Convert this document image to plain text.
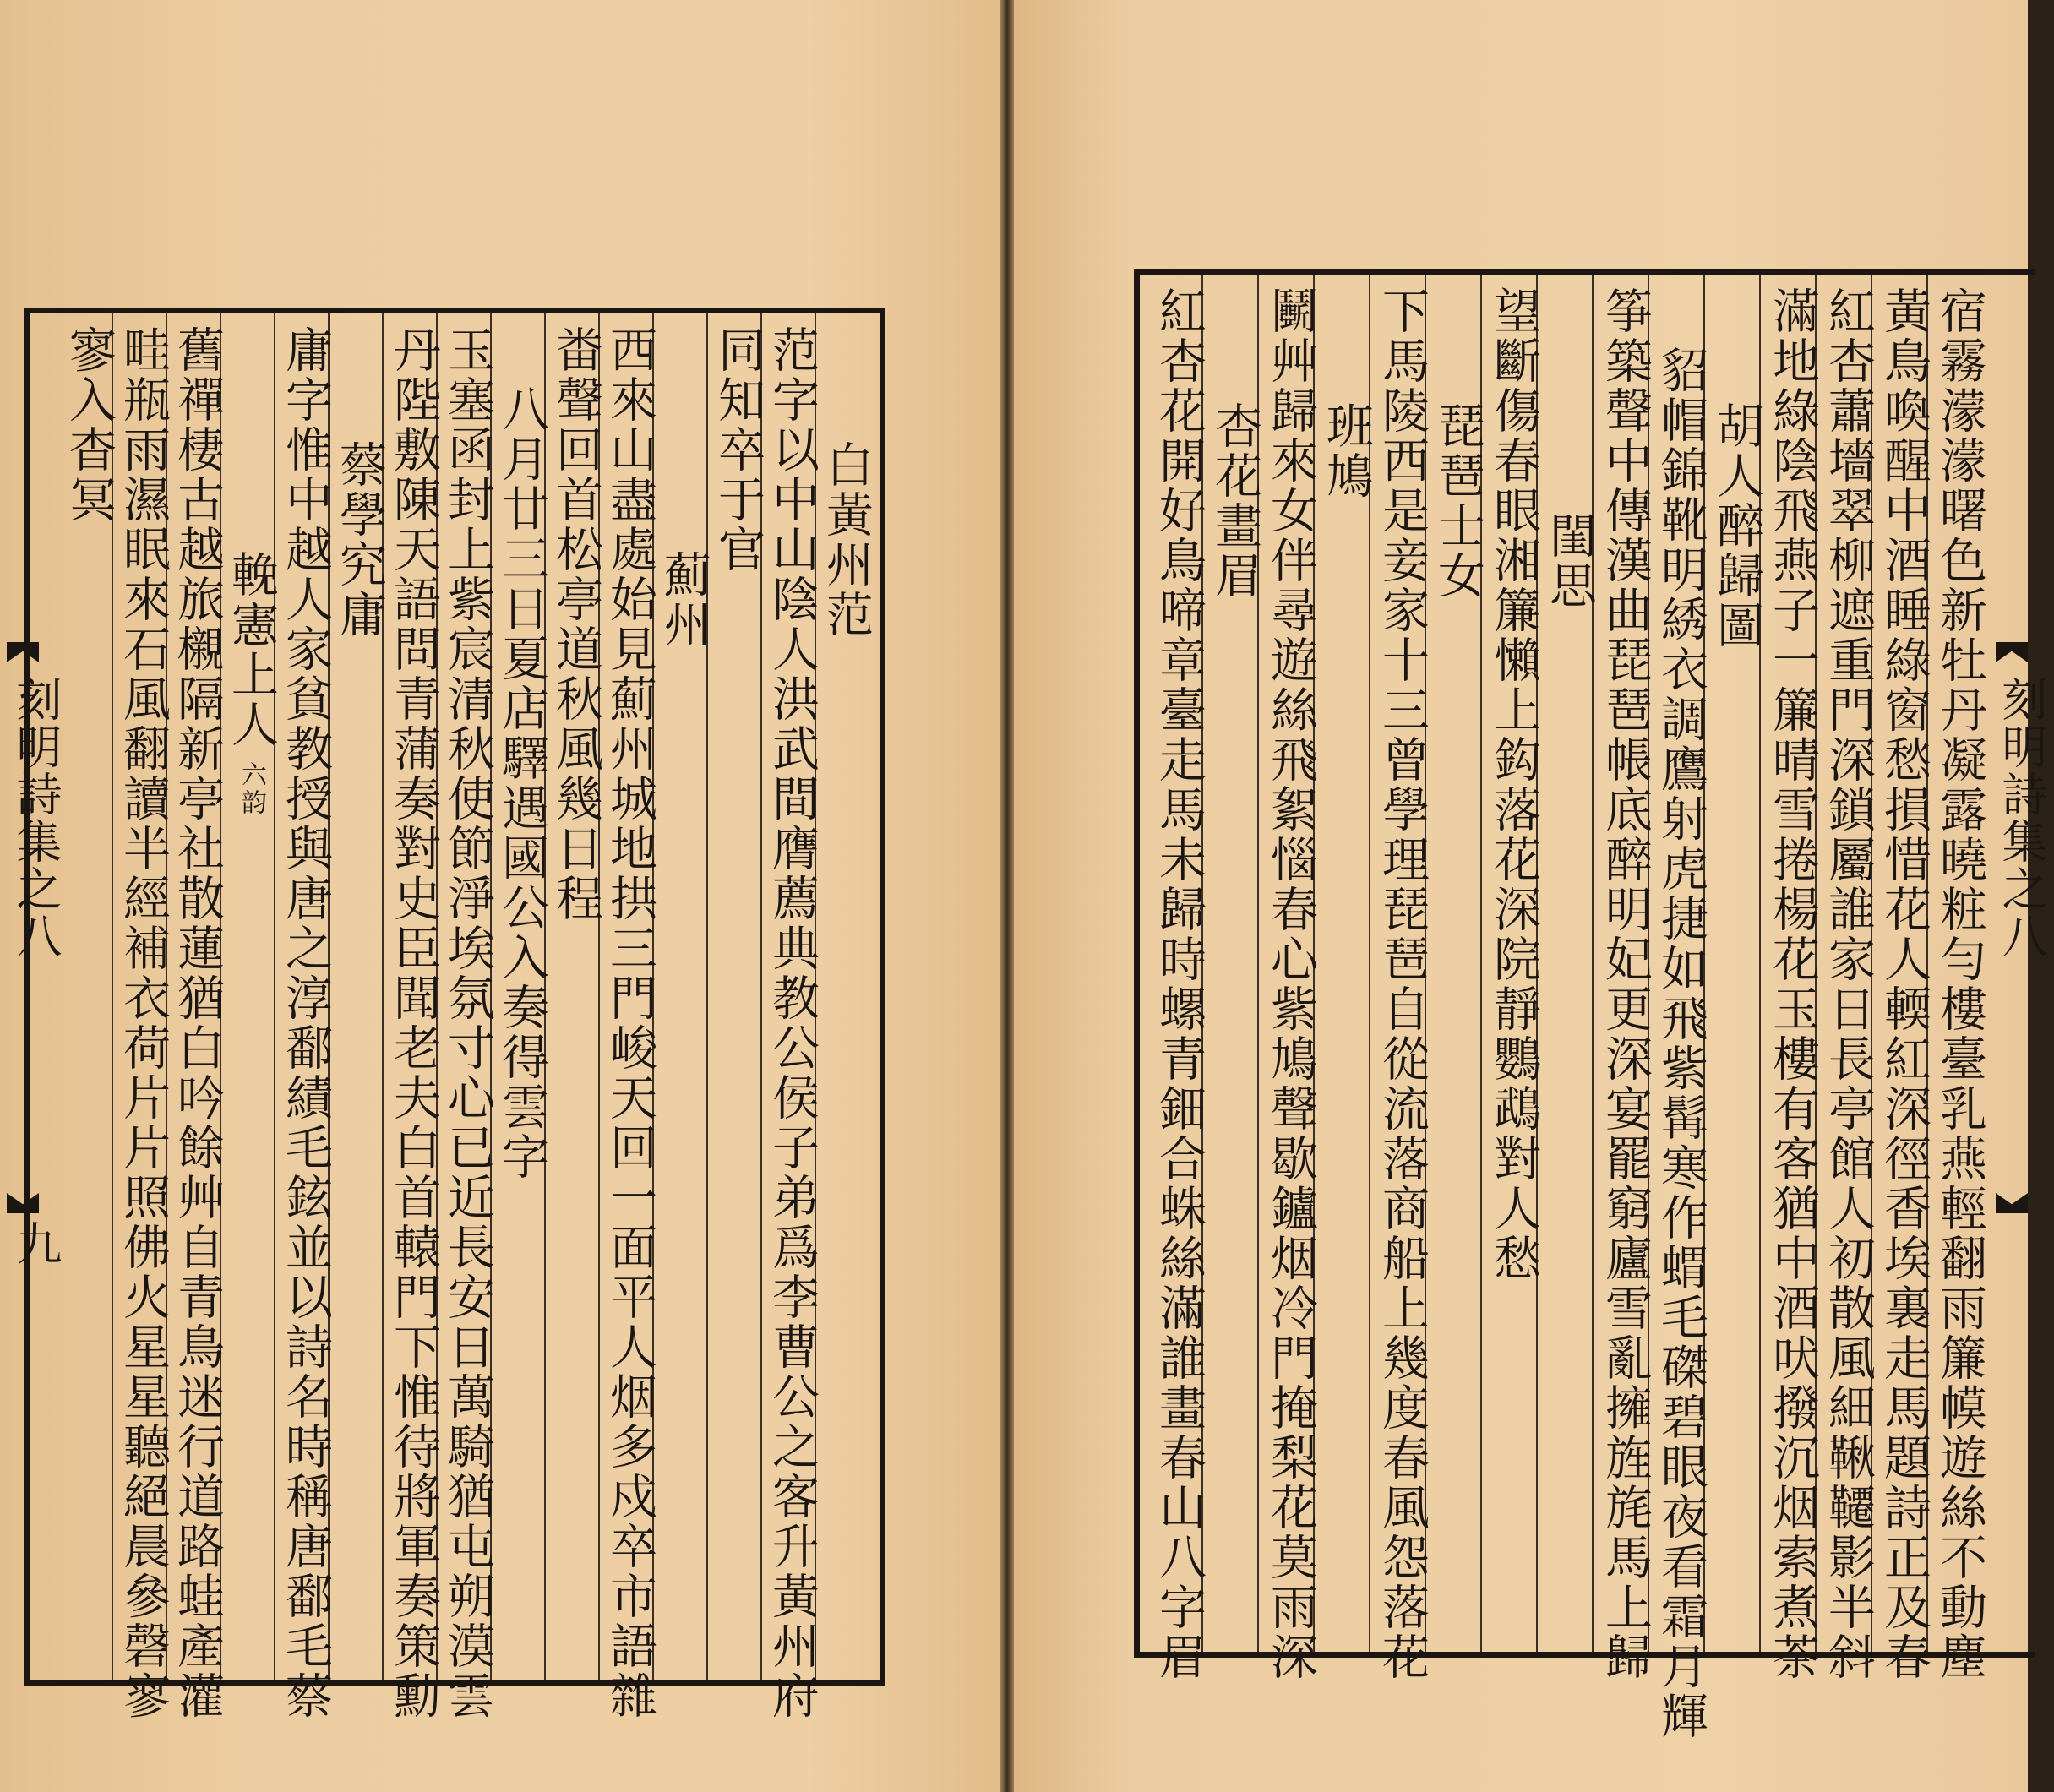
白黃州范
范字以中山陰人洪武間膺薦典教公侯子弟爲李曹公之客升黃州府
同知卒于官
薊州
西來山盡處始見薊州城地拱三門峻天回一面平人烟多戍卒市語雜
畨聲回首松亭道秋風幾日程
八月廿三日夏店驛遇國公入奏得雲字
玉塞函封上紫宸清秋使節淨埃氛寸心已近長安日萬騎猶屯朔漠雲
丹陛敷陳天語問青蒲奏對史臣聞老夫白首轅門下惟待將軍奏策勳
蔡學究庸
庸字惟中越人家貧教授與唐之淳鄱績毛鉉並以詩名時稱唐鄱毛蔡
輓憲上人六韵
舊禪棲古越旅櫬隔新亭社散蓮猶白吟餘艸自青鳥迷行道路蛙產灌
畦瓶雨濕眠來石風翻讀半經補衣荷片片照佛火星星聽絕晨參磬寥
寥入杳冥
刻明詩集之八
九	宿霧濛濛曙色新牡丹凝露曉粧勻樓臺乳燕輕翻雨簾幙遊絲不動塵
黃鳥喚醒中酒睡綠窗愁損惜花人輭紅深徑香埃裏走馬題詩正及春
紅杏蕭墻翠柳遮重門深鎖屬誰家日長亭館人初散風細鞦韆影半斜
滿地綠陰飛燕子一簾晴雪捲楊花玉樓有客猶中酒吠撥沉烟索煮茶
胡人醉歸圖
貂帽錦靴明綉衣調鷹射虎捷如飛紫髯寒作蝟毛磔碧眼夜看霜月輝
筝築聲中傳漢曲琵琶帳底醉明妃更深宴罷窮廬雪亂擁旌旄馬上歸
閨思
望斷傷春眼湘簾懶上鈎落花深院靜鸚鵡對人愁
琵琶士女
下馬陵西是妾家十三曾學理琵琶自從流落商船上幾度春風怨落花
班鳩
鬭艸歸來女伴尋遊絲飛絮惱春心紫鳩聲歇鑪烟冷門掩梨花莫雨深
杏花畫眉
紅杏花開好鳥啼章臺走馬未歸時螺青鈿合蛛絲滿誰畫春山八字眉	刻明詩集之八
